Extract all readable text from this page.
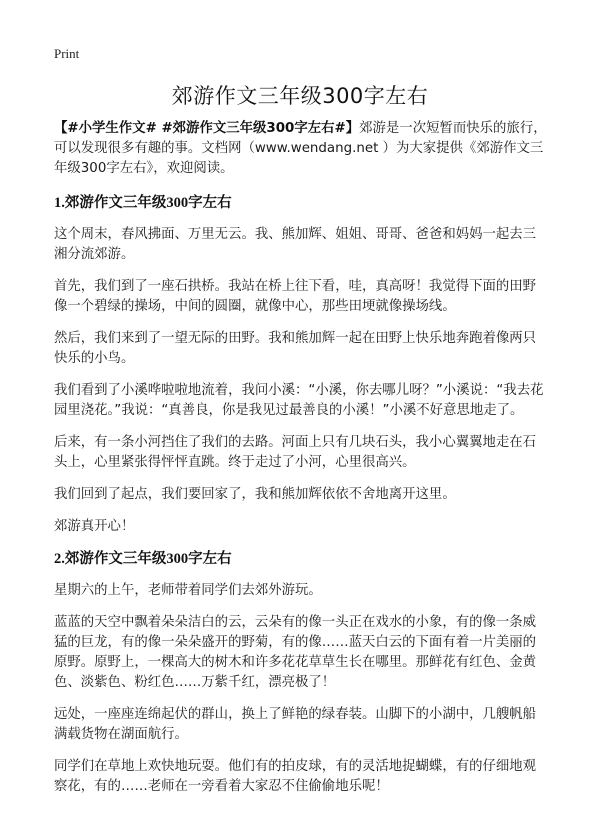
Print
郊游作文三年级300字左右

【#小学生作文# #郊游作文三年级300字左右#】郊游是一次短暂而快乐的旅行，可以发现很多有趣的事。文档网（www.wendang.net ）为大家提供《郊游作文三年级300字左右》，欢迎阅读。

1.郊游作文三年级300字左右

这个周末，春风拂面、万里无云。我、熊加辉、姐姐、哥哥、爸爸和妈妈一起去三湘分流郊游。

首先，我们到了一座石拱桥。我站在桥上往下看，哇，真高呀！我觉得下面的田野像一个碧绿的操场，中间的圆圈，就像中心，那些田埂就像操场线。

然后，我们来到了一望无际的田野。我和熊加辉一起在田野上快乐地奔跑着像两只快乐的小鸟。

我们看到了小溪哗啦啦地流着，我问小溪：“小溪，你去哪儿呀？”小溪说：“我去花园里浇花。”我说：“真善良，你是我见过最善良的小溪！”小溪不好意思地走了。

后来，有一条小河挡住了我们的去路。河面上只有几块石头，我小心翼翼地走在石头上，心里紧张得怦怦直跳。终于走过了小河，心里很高兴。

我们回到了起点，我们要回家了，我和熊加辉依依不舍地离开这里。

郊游真开心！

2.郊游作文三年级300字左右

星期六的上午，老师带着同学们去郊外游玩。

蓝蓝的天空中飘着朵朵洁白的云，云朵有的像一头正在戏水的小象，有的像一条威猛的巨龙，有的像一朵朵盛开的野菊，有的像……蓝天白云的下面有着一片美丽的原野。原野上，一棵高大的树木和许多花花草草生长在哪里。那鲜花有红色、金黄色、淡紫色、粉红色……万紫千红，漂亮极了！

远处，一座座连绵起伏的群山，换上了鲜艳的绿春装。山脚下的小湖中，几艘帆船满载货物在湖面航行。

同学们在草地上欢快地玩耍。他们有的拍皮球，有的灵活地捉蝴蝶，有的仔细地观察花，有的……老师在一旁看着大家忍不住偷偷地乐呢！
